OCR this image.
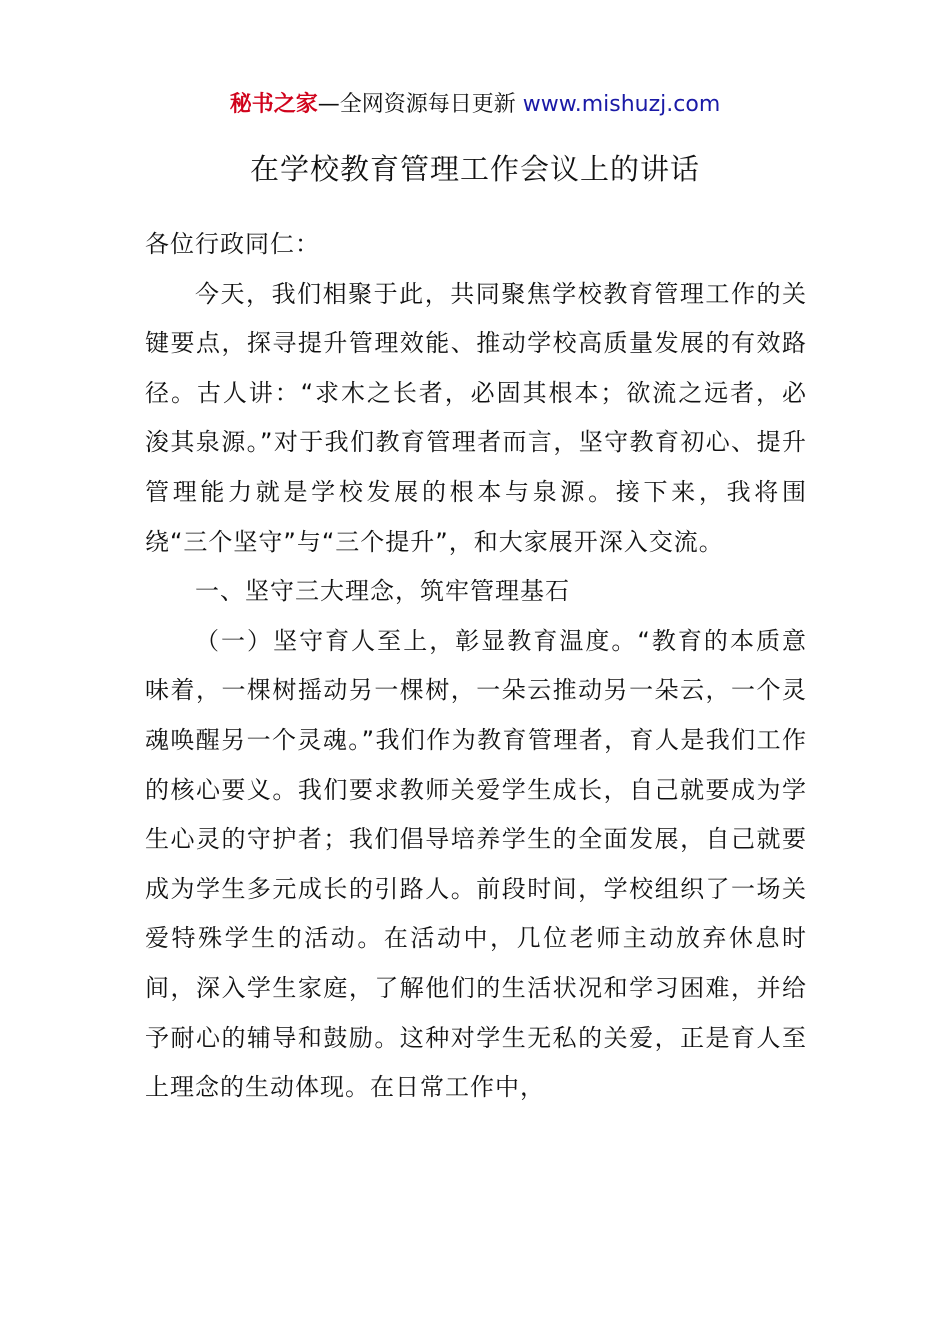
秘书之家—全网资源每日更新 www.mishuzj.com
在学校教育管理工作会议上的讲话

各位行政同仁：

今天，我们相聚于此，共同聚焦学校教育管理工作的关键要点，探寻提升管理效能、推动学校高质量发展的有效路径。古人讲：“求木之长者，必固其根本；欲流之远者，必浚其泉源。”对于我们教育管理者而言，坚守教育初心、提升管理能力就是学校发展的根本与泉源。接下来，我将围绕“三个坚守”与“三个提升”，和大家展开深入交流。

一、坚守三大理念，筑牢管理基石

（一）坚守育人至上，彰显教育温度。“教育的本质意味着，一棵树摇动另一棵树，一朵云推动另一朵云，一个灵魂唤醒另一个灵魂。”我们作为教育管理者，育人是我们工作的核心要义。我们要求教师关爱学生成长，自己就要成为学生心灵的守护者；我们倡导培养学生的全面发展，自己就要成为学生多元成长的引路人。前段时间，学校组织了一场关爱特殊学生的活动。在活动中，几位老师主动放弃休息时间，深入学生家庭，了解他们的生活状况和学习困难，并给予耐心的辅导和鼓励。这种对学生无私的关爱，正是育人至上理念的生动体现。在日常工作中，
